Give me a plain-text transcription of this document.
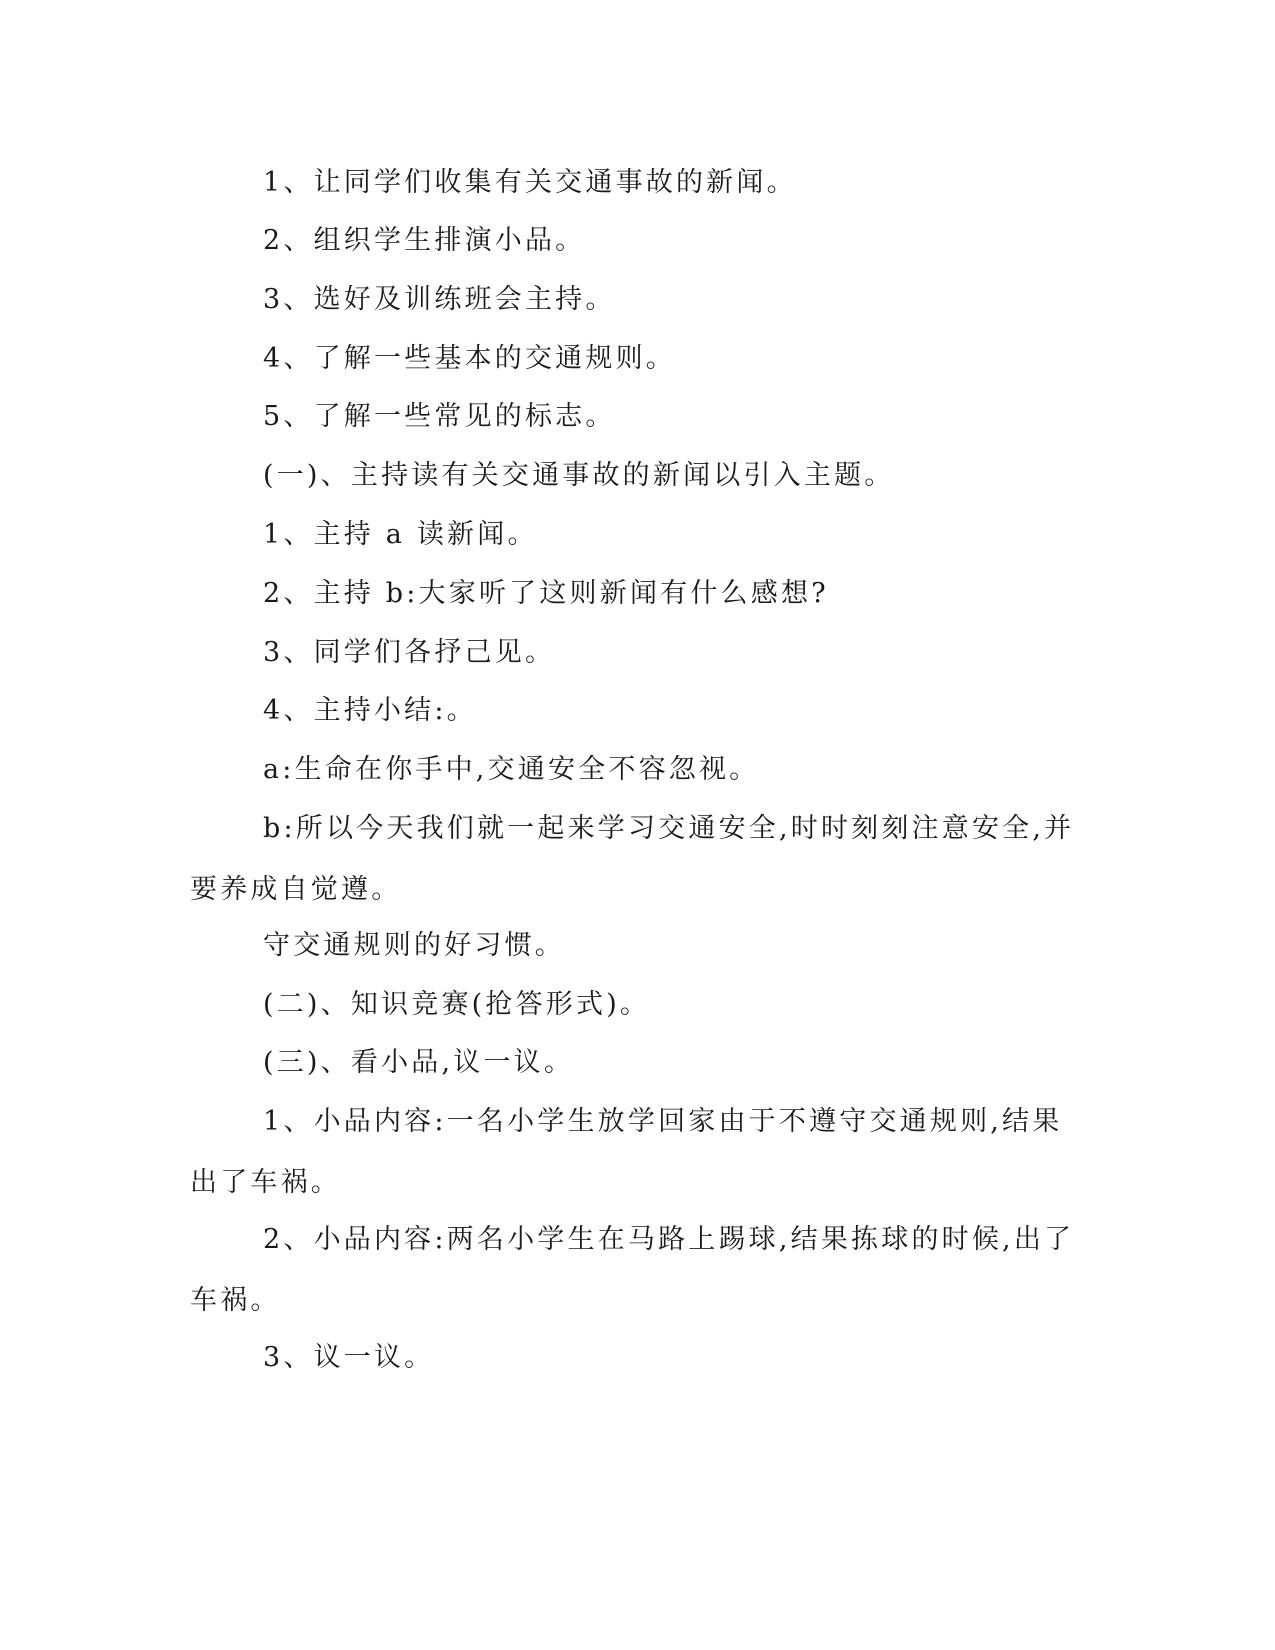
1、让同学们收集有关交通事故的新闻。
2、组织学生排演小品。
3、选好及训练班会主持。
4、了解一些基本的交通规则。
5、了解一些常见的标志。
(一)、主持读有关交通事故的新闻以引入主题。
1、主持 a 读新闻。
2、主持 b:大家听了这则新闻有什么感想?
3、同学们各抒己见。
4、主持小结:。
a:生命在你手中,交通安全不容忽视。
b:所以今天我们就一起来学习交通安全,时时刻刻注意安全,并要养成自觉遵。
守交通规则的好习惯。
(二)、知识竞赛(抢答形式)。
(三)、看小品,议一议。
1、小品内容:一名小学生放学回家由于不遵守交通规则,结果出了车祸。
2、小品内容:两名小学生在马路上踢球,结果拣球的时候,出了车祸。
3、议一议。
